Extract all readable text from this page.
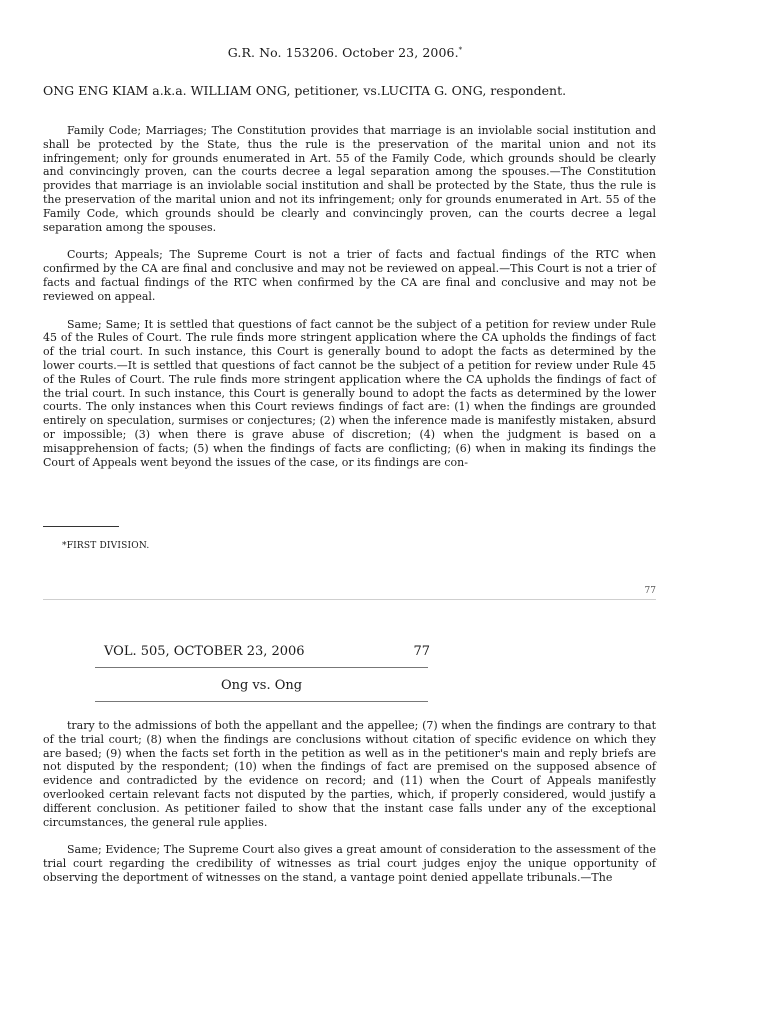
G.R. No. 153206. October 23, 2006.*
ONG ENG KIAM a.k.a. WILLIAM ONG, petitioner, vs.LUCITA G. ONG, respondent.

Family Code; Marriages; The Constitution provides that marriage is an inviolable social institution and shall be protected by the State, thus the rule is the preservation of the marital union and not its infringement; only for grounds enumerated in Art. 55 of the Family Code, which grounds should be clearly and convincingly proven, can the courts decree a legal separation among the spouses.—The Constitution provides that marriage is an inviolable social institution and shall be protected by the State, thus the rule is the preservation of the marital union and not its infringement; only for grounds enumerated in Art. 55 of the Family Code, which grounds should be clearly and convincingly proven, can the courts decree a legal separation among the spouses.

Courts; Appeals; The Supreme Court is not a trier of facts and factual findings of the RTC when confirmed by the CA are final and conclusive and may not be reviewed on appeal.—This Court is not a trier of facts and factual findings of the RTC when confirmed by the CA are final and conclusive and may not be reviewed on appeal.

Same; Same; It is settled that questions of fact cannot be the subject of a petition for review under Rule 45 of the Rules of Court. The rule finds more stringent application where the CA upholds the findings of fact of the trial court. In such instance, this Court is generally bound to adopt the facts as determined by the lower courts.—It is settled that questions of fact cannot be the subject of a petition for review under Rule 45 of the Rules of Court. The rule finds more stringent application where the CA upholds the findings of fact of the trial court. In such instance, this Court is generally bound to adopt the facts as determined by the lower courts. The only instances when this Court reviews findings of fact are: (1) when the findings are grounded entirely on speculation, surmises or conjectures; (2) when the inference made is manifestly mistaken, absurd or impossible; (3) when there is grave abuse of discretion; (4) when the judgment is based on a misapprehension of facts; (5) when the findings of facts are conflicting; (6) when in making its findings the Court of Appeals went beyond the issues of the case, or its findings are con-

*FIRST DIVISION.
77
VOL. 505, OCTOBER 23, 2006	77
Ong vs. Ong

trary to the admissions of both the appellant and the appellee; (7) when the findings are contrary to that of the trial court; (8) when the findings are conclusions without citation of specific evidence on which they are based; (9) when the facts set forth in the petition as well as in the petitioner's main and reply briefs are not disputed by the respondent; (10) when the findings of fact are premised on the supposed absence of evidence and contradicted by the evidence on record; and (11) when the Court of Appeals manifestly overlooked certain relevant facts not disputed by the parties, which, if properly considered, would justify a different conclusion. As petitioner failed to show that the instant case falls under any of the exceptional circumstances, the general rule applies.

Same; Evidence; The Supreme Court also gives a great amount of consideration to the assessment of the trial court regarding the credibility of witnesses as trial court judges enjoy the unique opportunity of observing the deportment of witnesses on the stand, a vantage point denied appellate tribunals.—The
